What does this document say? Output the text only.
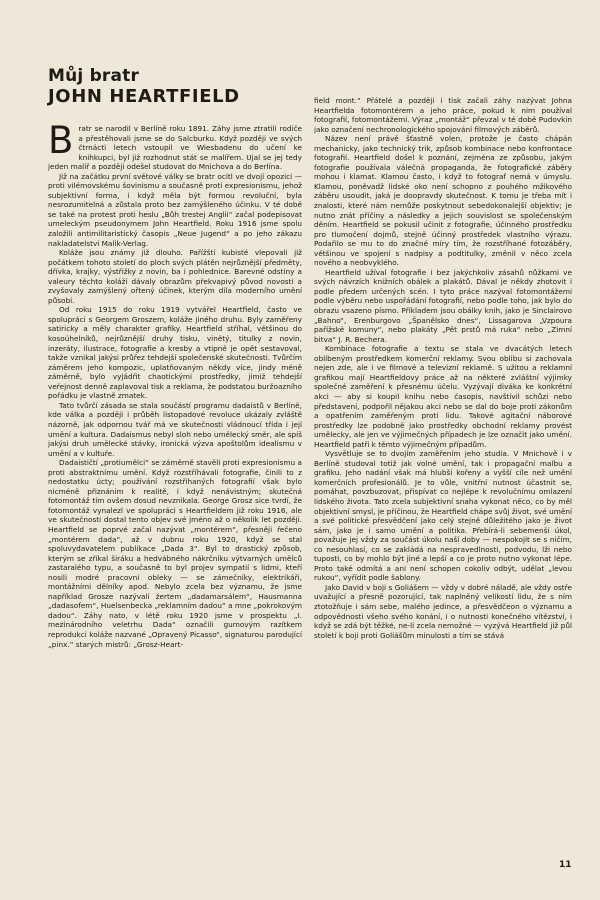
Můj bratr
JOHN HEARTFIELD

Bratr se narodil v Berlíně roku 1891. Záhy jsme ztratili rodiče a přestěhovali jsme se do Salcburku. Když později ve svých čtrnácti letech vstoupil ve Wiesbadenu do učení ke knihkupci, byl již rozhodnut stát se malířem. Ujal se jej tedy jeden malíř a později odešel studovat do Mnichova a do Berlína.

Již na začátku první světové války se bratr ocitl ve dvojí opozici — proti vilémovskému šovinismu a současně proti expresionismu, jehož subjektivní forma, i když měla být formou revoluční, byla nesrozumitelná a zůstala proto bez zamýšleného účinku. V té době se také na protest proti heslu „Bůh trestej Anglii“ začal podepisovat umeleckým pseudonymem John Heartfield. Roku 1916 jsme spolu založili antimilitaristický časopis „Neue Jugend“ a po jeho zákazu nakladatelství Malik-Verlag.

Koláže jsou známy již dlouho. Pařížští kubisté vlepovali již počátkem tohoto století do ploch svých plátěn nejrůznější předměty, dřívka, krajky, výstřižky z novin, ba i pohlednice. Barevné odstíny a valeury těchto koláží dávaly obrazům překvapivý původ novosti a zvyšovaly zamýšlený ořtený účinek, kterým díla moderního umění působí.

Od roku 1915 do roku 1919 vytvářel Heartfield, často ve spolupráci s Georgem Groszem, koláže jiného druhu. Byly zaměřeny satiricky a měly charakter grafiky. Heartfield stříhal, většinou do kosoúhelníků, nejrůznější druhy tisku, vinětý, titulky z novin, inzeráty, ilustrace, fotografie a kresby a vtipně je opět sestavoval, takže vznikal jakýsi průřez tehdejší společenské skutečnosti. Tvůrčím záměrem jeho kompozic, uplatňovaným někdy více, jindy méně záměrně, bylo vyjádřit chaotickými prostředky, jimiž tehdejší veřejnost denně zaplavoval tisk a reklama, že podstatou buržoazního pořádku je vlastně zmatek.

Tato tvůrčí zásada se stala součástí programu dadaistů v Berlíně, kde válka a později i průběh listopadové revoluce ukázaly zvláště názorně, jak odpornou tvář má ve skutečnosti vládnoucí třída i její umění a kultura. Dadaismus nebyl sloh nebo umělecký směr, ale spíš jakýsi druh umělecké stávky, ironická výzva apoštolům idealismu v umění a v kultuře.

Dadaističtí „protiumělci“ se záměrně stavěli proti expresionismu a proti abstraktnímu umění. Když rozstříhávali fotografie, činili to z nedostatku úcty; používání rozstříhaných fotografií však bylo nicméně přiznáním k realitě, i když nenávistným; skutečná fotomontáž tím ovšem dosud nevznikala. George Grosz sice tvrdí, že fotomontáž vynalezl ve spolupráci s Heartfieldem již roku 1916, ale ve skutečnosti dostal tento objev své jméno až o několik let později. Heartfield se poprvé začal nazývat „montérem“, přesněji řečeno „montérem dada“, až v dubnu roku 1920, když se stal spoluvydavatelem publikace „Dada 3“. Byl to drastický způsob, kterým se zříkal širáku a hedvábného nákrčníku výtvarných umělců zastaralého typu, a současně to byl projev sympatií s lidmi, kteří nosili modré pracovní obleky — se zámečníky, elektrikáři, montážními dělníky apod. Nebylo zcela bez významu, že jsme například Grosze nazývali žertem „dadamarsálem“, Hausmanna „dadasofem“, Huelsenbecka „reklamním dadou“ a mne „pokrokovým dadou“. Záhy nato, v létě roku 1920 jsme v prospektu „I. mezinárodního veletrhu Dada“ označili gumovým razítkem reprodukci koláže nazvané „Opravený Picasso“, signaturou parodující „pinx.“ starých mistrů: „Grosz-Heart-

field mont.“ Přátelé a později i tisk začali záhy nazývat Johna Heartfielda fotomontérem a jeho práce, pokud k nim používal fotografií, fotomontážemi. Výraz „montáž“ převzal v té době Pudovkin jako označení nechronologického spojování filmových záběrů.

Název není právě šťastně volen, protože je často chápán mechanicky, jako technický trik, způsob kombinace nebo konfrontace fotografií. Heartfield došel k poznání, zejména ze způsobu, jakým fotografie používala válečná propaganda, že fotografické záběry mohou i klamat. Klamou často, i když to fotograf nemá v úmyslu. Klamou, poněvadž lidské oko není schopno z pouhého mžikového záběru usoudit, jaká je doopravdy skutečnost. K tomu je třeba mít i znalosti, které nám nemůže poskytnout sebedokonalejší objektiv; je nutno znát příčiny a následky a jejich souvislost se společenským děním. Heartfield se pokusil učinit z fotografie, účinného prostředku pro tlumočení dojmů, stejně účinný prostředek vlastního výrazu. Podařilo se mu to do značné míry tím, že rozstříhané fotozáběry, většinou ve spojení s nadpisy a podtitulky, změnil v něco zcela nového a neobvyklého.

Heartfield užíval fotografie i bez jakýchkoliv zásahů nůžkami ve svých návrzích knižních obálek a plakátů. Dával je někdy zhotovit i podle předem určených scén. I tyto práce nazýval fotomontážemi podle výběru nebo uspořádání fotografií, nebo podle toho, jak bylo do obrazu vsazeno písmo. Příkladem jsou obálky knih, jako je Sinclairovo „Bahno“, Erenburgovo „Španělsko dnes“, Lissagarova „Vzpoura pařížské komuny“, nebo plakáty „Pět prstů má ruka“ nebo „Zimní bitva“ J. R. Bechera.

Kombinace fotografie a textu se stala ve dvacátých letech oblíbeným prostředkem komerční reklamy. Svou oblibu si zachovala nejen zde, ale i ve filmové a televizní reklamě. S užitou a reklamní grafikou mají Heartfieldovy práce až na některé zvláštní výjimky společné zaměření k přesnému účelu. Vyzývají diváka ke konkrétní akci — aby si koupil knihu nebo časopis, navštívil schůzi nebo představení, podpořil nějakou akci nebo se dal do boje proti zákonům a opatřením zaměřeným proti lidu. Takové agitační náborové prostředky lze podobně jako prostředky obchodní reklamy provést umělecky, ale jen ve výjimečných případech je lze označit jako umění. Heartfield patří k těmto výjimečným případům.

Vysvětluje se to dvojím zaměřením jeho studia. V Mnichově i v Berlíně studoval totiž jak volné umění, tak i propagační malbu a grafiku. Jeho nadání však má hlubší kořeny a vyšší cíle než umění komerčních profesionálů. Je to vůle, vnitřní nutnost účastnit se, pomáhat, povzbuzovat, přispívat co nejlépe k revolučnímu omlazení lidského života. Tato zcela subjektivní snaha vykonat něco, co by měl objektivní smysl, je příčinou, že Heartfield chápe svůj život, své umění a své politické přesvědčení jako celý stejně důležitého jako je život sám, jako je i samo umění a politika. Přebírá-li sebemenší úkol, považuje jej vždy za součást úkolu naší doby — nespokojit se s ničím, co nesouhlasí, co se zakládá na nespravedlnosti, podvodu, lži nebo tuposti, co by mohlo být jiné a lepší a co je proto nutno vykonat lépe. Proto také odmítá a ani není schopen cokoliv odbýt, udělat „levou rukou“, vyřídit podle šablony.

Jako David v boji s Goliášem — vždy v dobré náladě, ale vždy ostře uvažující a přesně pozorující, tak naplněný velikostí lidu, že s ním ztotožňuje i sám sebe, malého jedince, a přesvědčeon o významu a odpovědnosti všeho svého konání, i o nutnosti konečného vítězství, i když se zdá být těžké, ne-li zcela nemožné — vyzývá Heartfield již půl století k boji proti Goliášům minulosti a tím se stává

11
